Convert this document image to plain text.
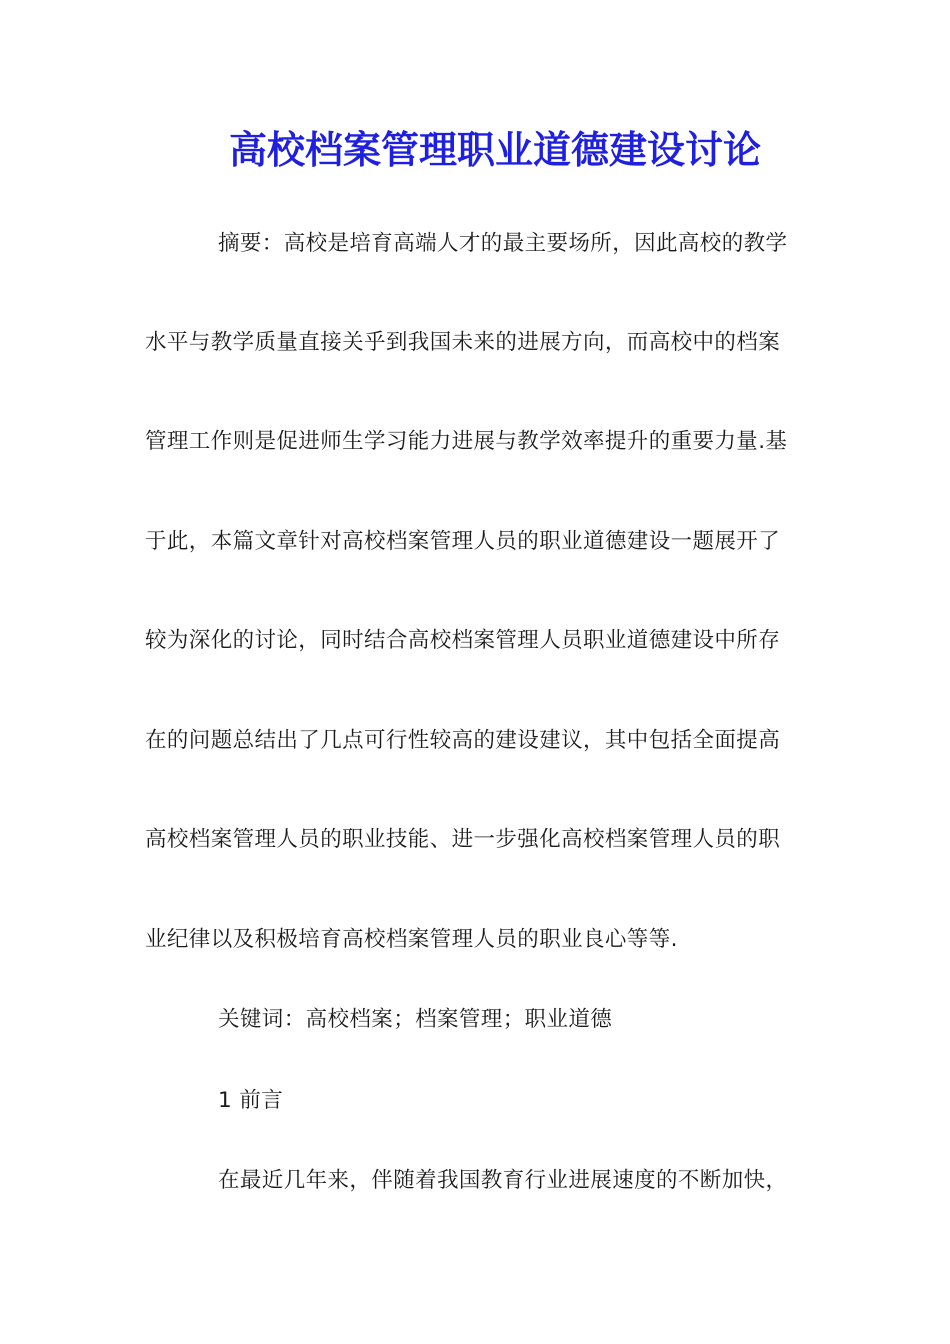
高校档案管理职业道德建设讨论
摘要：高校是培育高端人才的最主要场所，因此高校的教学
水平与教学质量直接关乎到我国未来的进展方向，而高校中的档案
管理工作则是促进师生学习能力进展与教学效率提升的重要力量.基
于此，本篇文章针对高校档案管理人员的职业道德建设一题展开了
较为深化的讨论，同时结合高校档案管理人员职业道德建设中所存
在的问题总结出了几点可行性较高的建设建议，其中包括全面提高
高校档案管理人员的职业技能、进一步强化高校档案管理人员的职
业纪律以及积极培育高校档案管理人员的职业良心等等.
关键词：高校档案；档案管理；职业道德
1 前言
在最近几年来，伴随着我国教育行业进展速度的不断加快，
